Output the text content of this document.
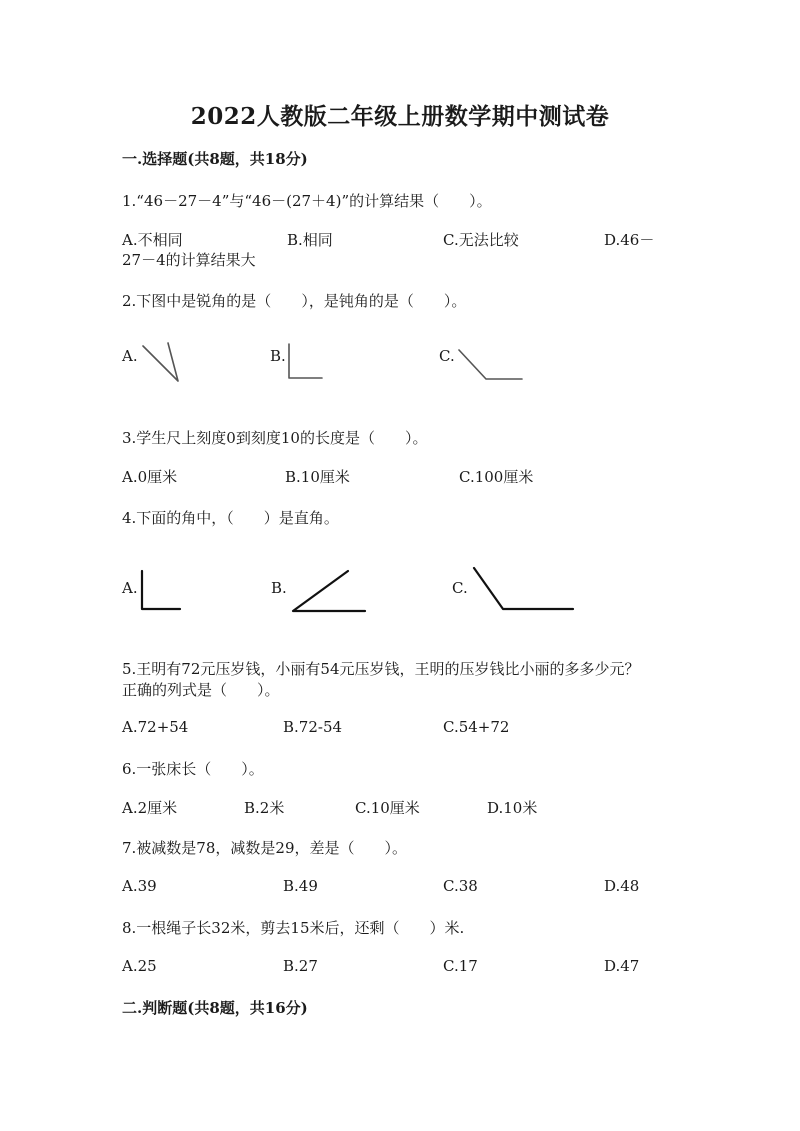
2022人教版二年级上册数学期中测试卷
一.选择题(共8题，共18分)
1.“46－27－4”与“46－(27＋4)”的计算结果（　　）。
A.不相同	B.相同	C.无法比较	D.46－
27－4的计算结果大
2.下图中是锐角的是（　　），是钝角的是（　　）。
A.	B.	C.
3.学生尺上刻度0到刻度10的长度是（　　）。
A.0厘米	B.10厘米	C.100厘米
4.下面的角中，（　　）是直角。
A.	B.	C.
5.王明有72元压岁钱，小丽有54元压岁钱，王明的压岁钱比小丽的多多少元？
正确的列式是（　　）。
A.72+54	B.72-54	C.54+72
6.一张床长（　　）。
A.2厘米	B.2米	C.10厘米	D.10米
7.被减数是78，减数是29，差是（　　）。
A.39	B.49	C.38	D.48
8.一根绳子长32米，剪去15米后，还剩（　　）米.
A.25	B.27	C.17	D.47
二.判断题(共8题，共16分)
